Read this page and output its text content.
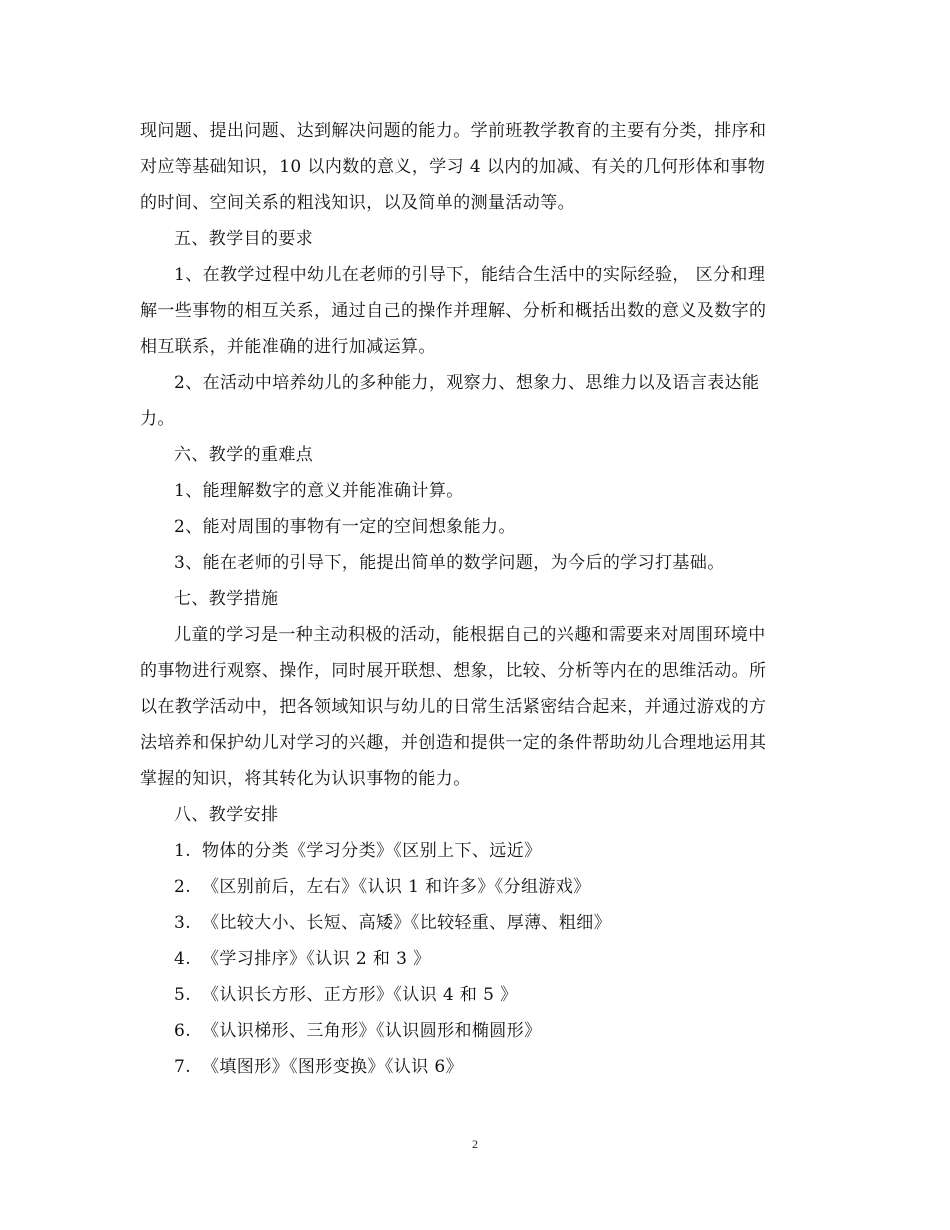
现问题、提出问题、达到解决问题的能力。学前班教学教育的主要有分类，排序和
对应等基础知识，10 以内数的意义，学习 4 以内的加减、有关的几何形体和事物
的时间、空间关系的粗浅知识，以及简单的测量活动等。
五、教学目的要求
1、在教学过程中幼儿在老师的引导下，能结合生活中的实际经验， 区分和理
解一些事物的相互关系，通过自己的操作并理解、分析和概括出数的意义及数字的
相互联系，并能准确的进行加减运算。
2、在活动中培养幼儿的多种能力，观察力、想象力、思维力以及语言表达能
力。
六、教学的重难点
1、能理解数字的意义并能准确计算。
2、能对周围的事物有一定的空间想象能力。
3、能在老师的引导下，能提出简单的数学问题，为今后的学习打基础。
七、教学措施
儿童的学习是一种主动积极的活动，能根据自己的兴趣和需要来对周围环境中
的事物进行观察、操作，同时展开联想、想象，比较、分析等内在的思维活动。所
以在教学活动中，把各领域知识与幼儿的日常生活紧密结合起来，并通过游戏的方
法培养和保护幼儿对学习的兴趣，并创造和提供一定的条件帮助幼儿合理地运用其
掌握的知识，将其转化为认识事物的能力。
八、教学安排
1. 物体的分类《学习分类》《区别上下、远近》
2. 《区别前后，左右》《认识 1 和许多》《分组游戏》
3. 《比较大小、长短、高矮》《比较轻重、厚薄、粗细》
4. 《学习排序》《认识 2 和 3 》
5. 《认识长方形、正方形》《认识 4 和 5 》
6. 《认识梯形、三角形》《认识圆形和椭圆形》
7. 《填图形》《图形变换》《认识 6》
2
